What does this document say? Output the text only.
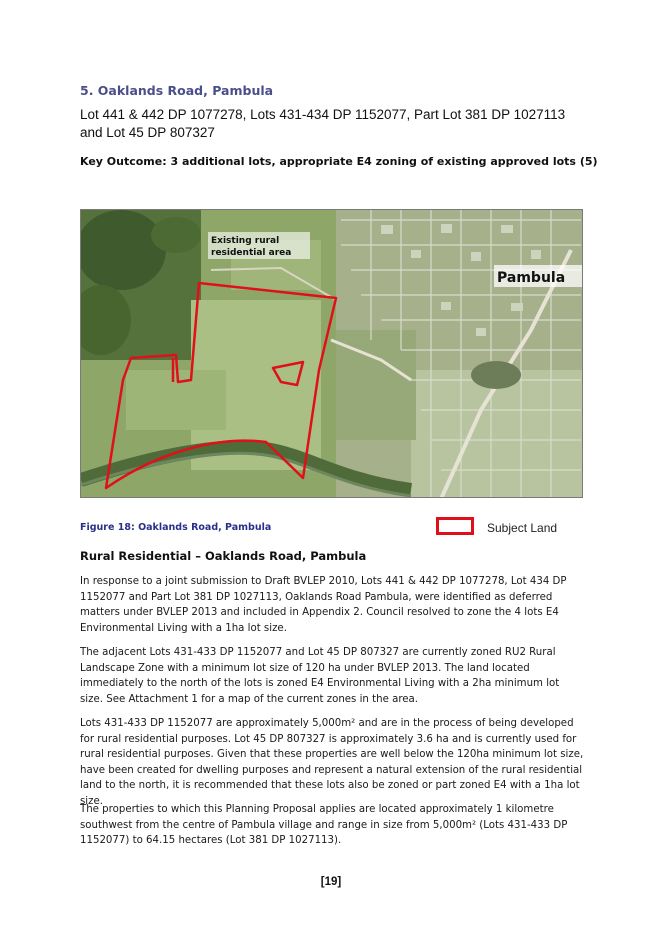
5. Oaklands Road, Pambula
Lot 441 & 442 DP 1077278, Lots 431-434 DP 1152077, Part Lot 381 DP 1027113 and Lot 45 DP 807327
Key Outcome: 3 additional lots, appropriate E4 zoning of existing approved lots (5)
Existing rural
residential area
Pambula
Figure 18: Oaklands Road, Pambula	Subject Land
Rural Residential – Oaklands Road, Pambula

In response to a joint submission to Draft BVLEP 2010, Lots 441 & 442 DP 1077278, Lot 434 DP 1152077 and Part Lot 381 DP 1027113, Oaklands Road Pambula, were identified as deferred matters under BVLEP 2013 and included in Appendix 2. Council resolved to zone the 4 lots E4 Environmental Living with a 1ha lot size.

The adjacent Lots 431-433 DP 1152077 and Lot 45 DP 807327 are currently zoned RU2 Rural Landscape Zone with a minimum lot size of 120 ha under BVLEP 2013. The land located immediately to the north of the lots is zoned E4 Environmental Living with a 2ha minimum lot size. See Attachment 1 for a map of the current zones in the area.

Lots 431-433 DP 1152077 are approximately 5,000m² and are in the process of being developed for rural residential purposes. Lot 45 DP 807327 is approximately 3.6 ha and is currently used for rural residential purposes. Given that these properties are well below the 120ha minimum lot size, have been created for dwelling purposes and represent a natural extension of the rural residential land to the north, it is recommended that these lots also be zoned or part zoned E4 with a 1ha lot size.

The properties to which this Planning Proposal applies are located approximately 1 kilometre southwest from the centre of Pambula village and range in size from 5,000m² (Lots 431-433 DP 1152077) to 64.15 hectares (Lot 381 DP 1027113).

[19]
